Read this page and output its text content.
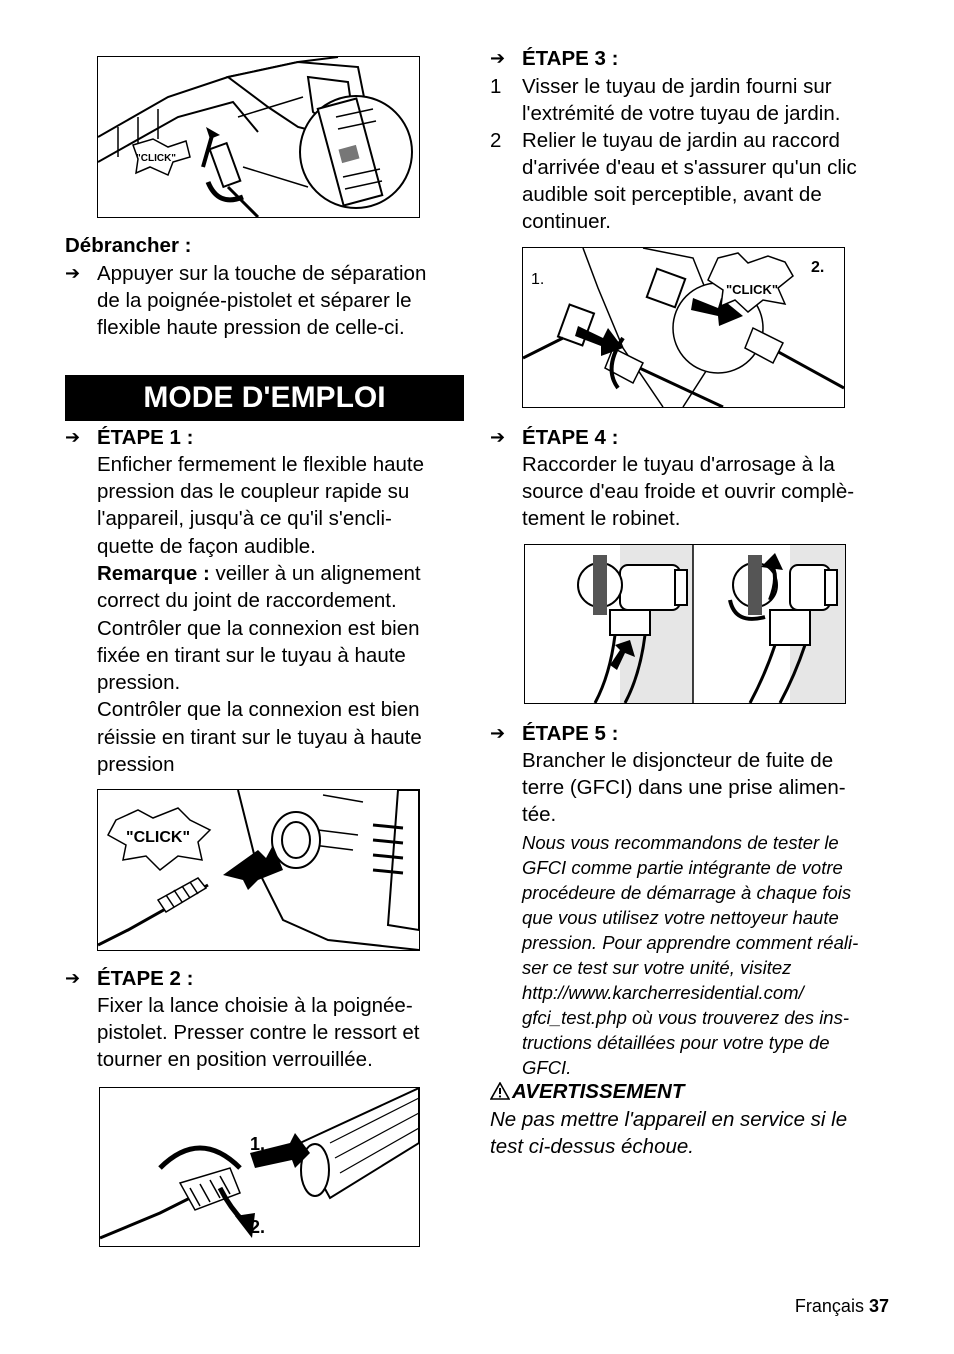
"CLICK"
Débrancher :
➔ Appuyer sur la touche de séparation
de la poignée-pistolet et séparer le
flexible haute pression de celle-ci.
MODE D'EMPLOI
➔ ÉTAPE 1 :
Enficher fermement le flexible haute
pression das le coupleur rapide su
l'appareil, jusqu'à ce qu'il s'encli-
quette de façon audible.
Remarque : veiller à un alignement
correct du joint de raccordement.
Contrôler que la connexion est bien
fixée en tirant sur le tuyau à haute
pression.
Contrôler que la connexion est bien
réissie en tirant sur le tuyau à haute
pression
"CLICK"
➔ ÉTAPE 2 :
Fixer la lance choisie à la poignée-
pistolet. Presser contre le ressort et
tourner en position verrouillée.
1.
2.
➔ ÉTAPE 3 :
1 Visser le tuyau de jardin fourni sur
l'extrémité de votre tuyau de jardin.
2 Relier le tuyau de jardin au raccord
d'arrivée d'eau et s'assurer qu'un clic
audible soit perceptible, avant de
continuer.
"CLICK"
1.
2.
➔ ÉTAPE 4 :
Raccorder le tuyau d'arrosage à la
source d'eau froide et ouvrir complè-
tement le robinet.
➔ ÉTAPE 5 :
Brancher le disjoncteur de fuite de
terre (GFCI) dans une prise alimen-
tée.
Nous vous recommandons de tester le
GFCI comme partie intégrante de votre
procédeure de démarrage à chaque fois
que vous utilisez votre nettoyeur haute
pression. Pour apprendre comment réali-
ser ce test sur votre unité, visitez
http://www.karcherresidential.com/
gfci_test.php où vous trouverez des ins-
tructions détaillées pour votre type de
GFCI.
AVERTISSEMENT
Ne pas mettre l'appareil en service si le
test ci-dessus échoue.
Français 37
